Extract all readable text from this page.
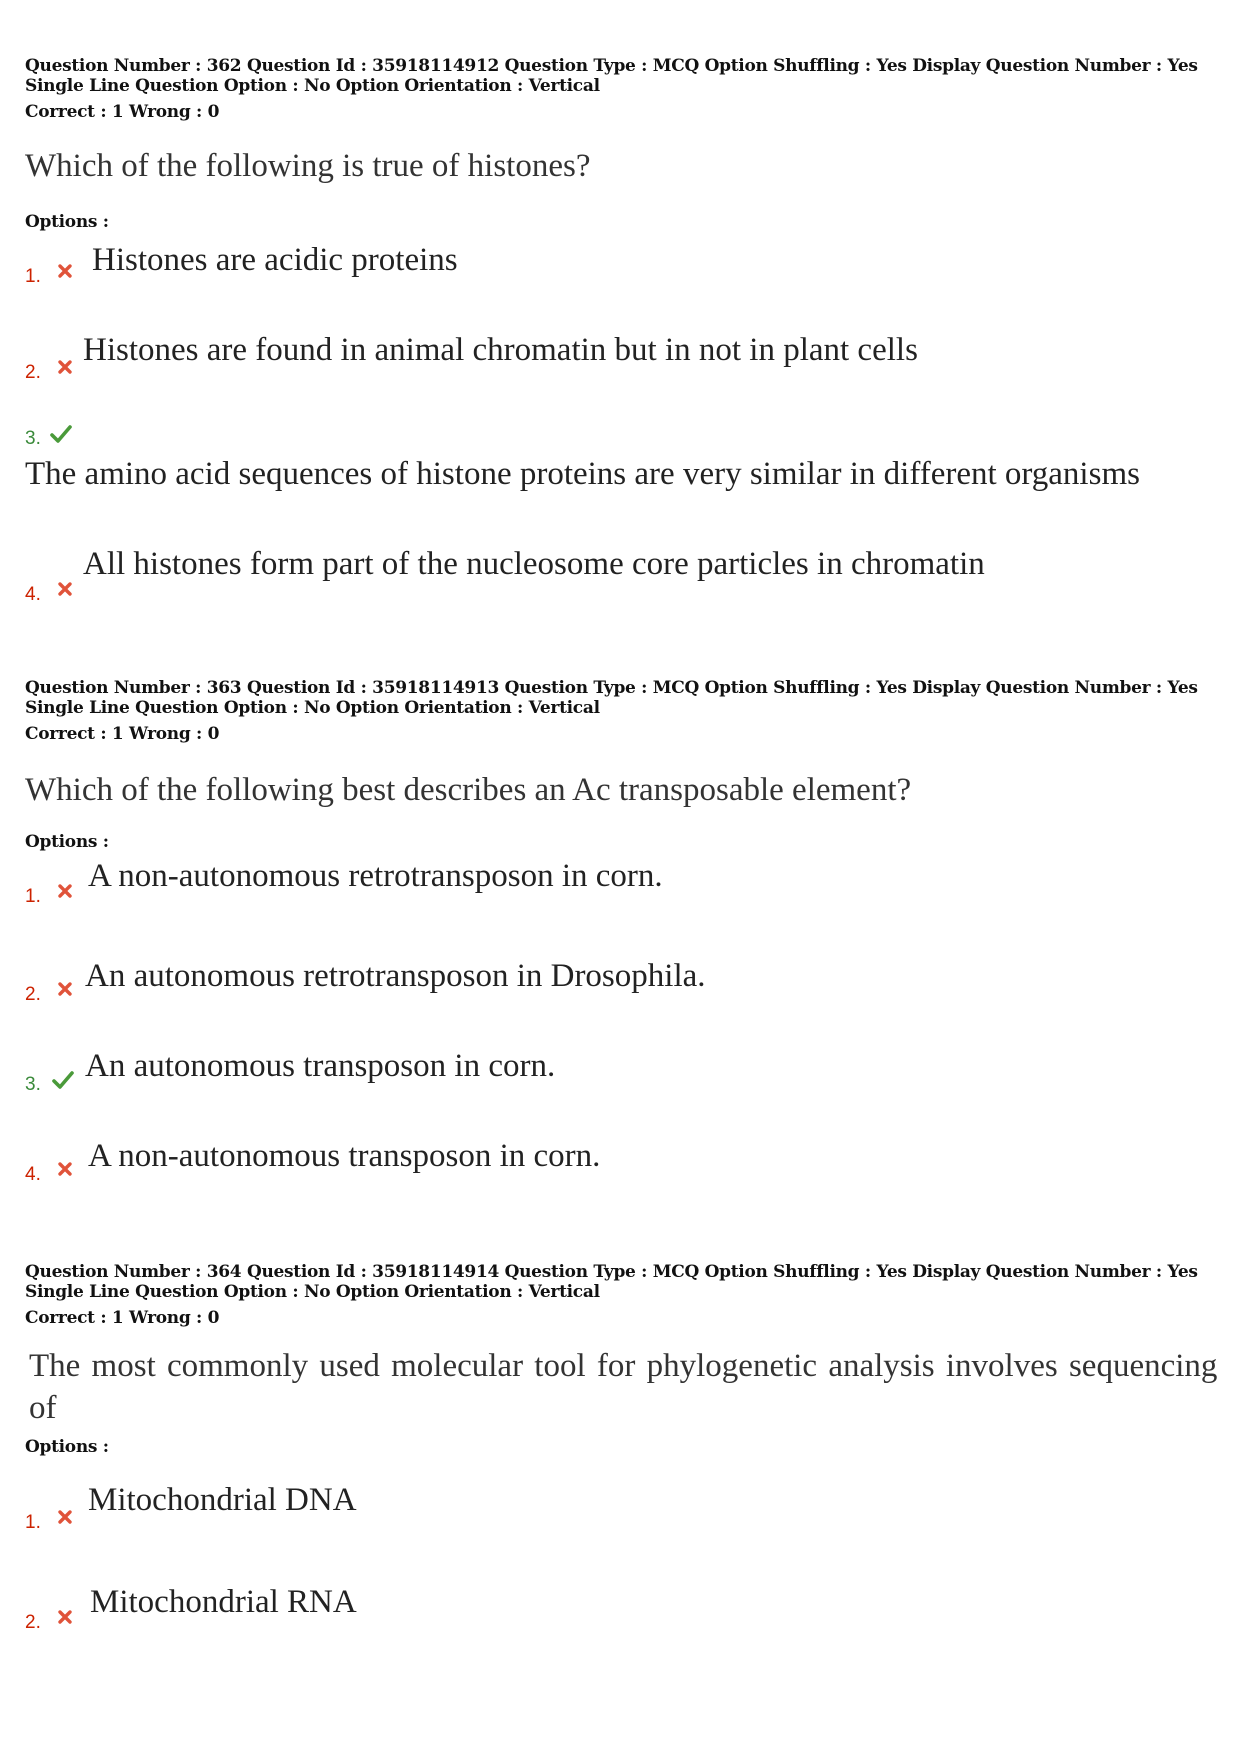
Question Number : 362 Question Id : 35918114912 Question Type : MCQ Option Shuffling : Yes Display Question Number : Yes
Single Line Question Option : No Option Orientation : Vertical
Correct : 1 Wrong : 0
Which of the following is true of histones?
Options :
1. Histones are acidic proteins
2.
Histones are found in animal chromatin but in not in plant cells
3.
The amino acid sequences of histone proteins are very similar in different organisms
4.
All histones form part of the nucleosome core particles in chromatin
Question Number : 363 Question Id : 35918114913 Question Type : MCQ Option Shuffling : Yes Display Question Number : Yes
Single Line Question Option : No Option Orientation : Vertical
Correct : 1 Wrong : 0
Which of the following best describes an Ac transposable element?
Options :
1.
A non-autonomous retrotransposon in corn.
2.
An autonomous retrotransposon in Drosophila.
3.
An autonomous transposon in corn.
4.
A non-autonomous transposon in corn.
Question Number : 364 Question Id : 35918114914 Question Type : MCQ Option Shuffling : Yes Display Question Number : Yes
Single Line Question Option : No Option Orientation : Vertical
Correct : 1 Wrong : 0
The most commonly used molecular tool for phylogenetic analysis involves sequencing
of
Options :
1.
Mitochondrial DNA
2.
Mitochondrial RNA
